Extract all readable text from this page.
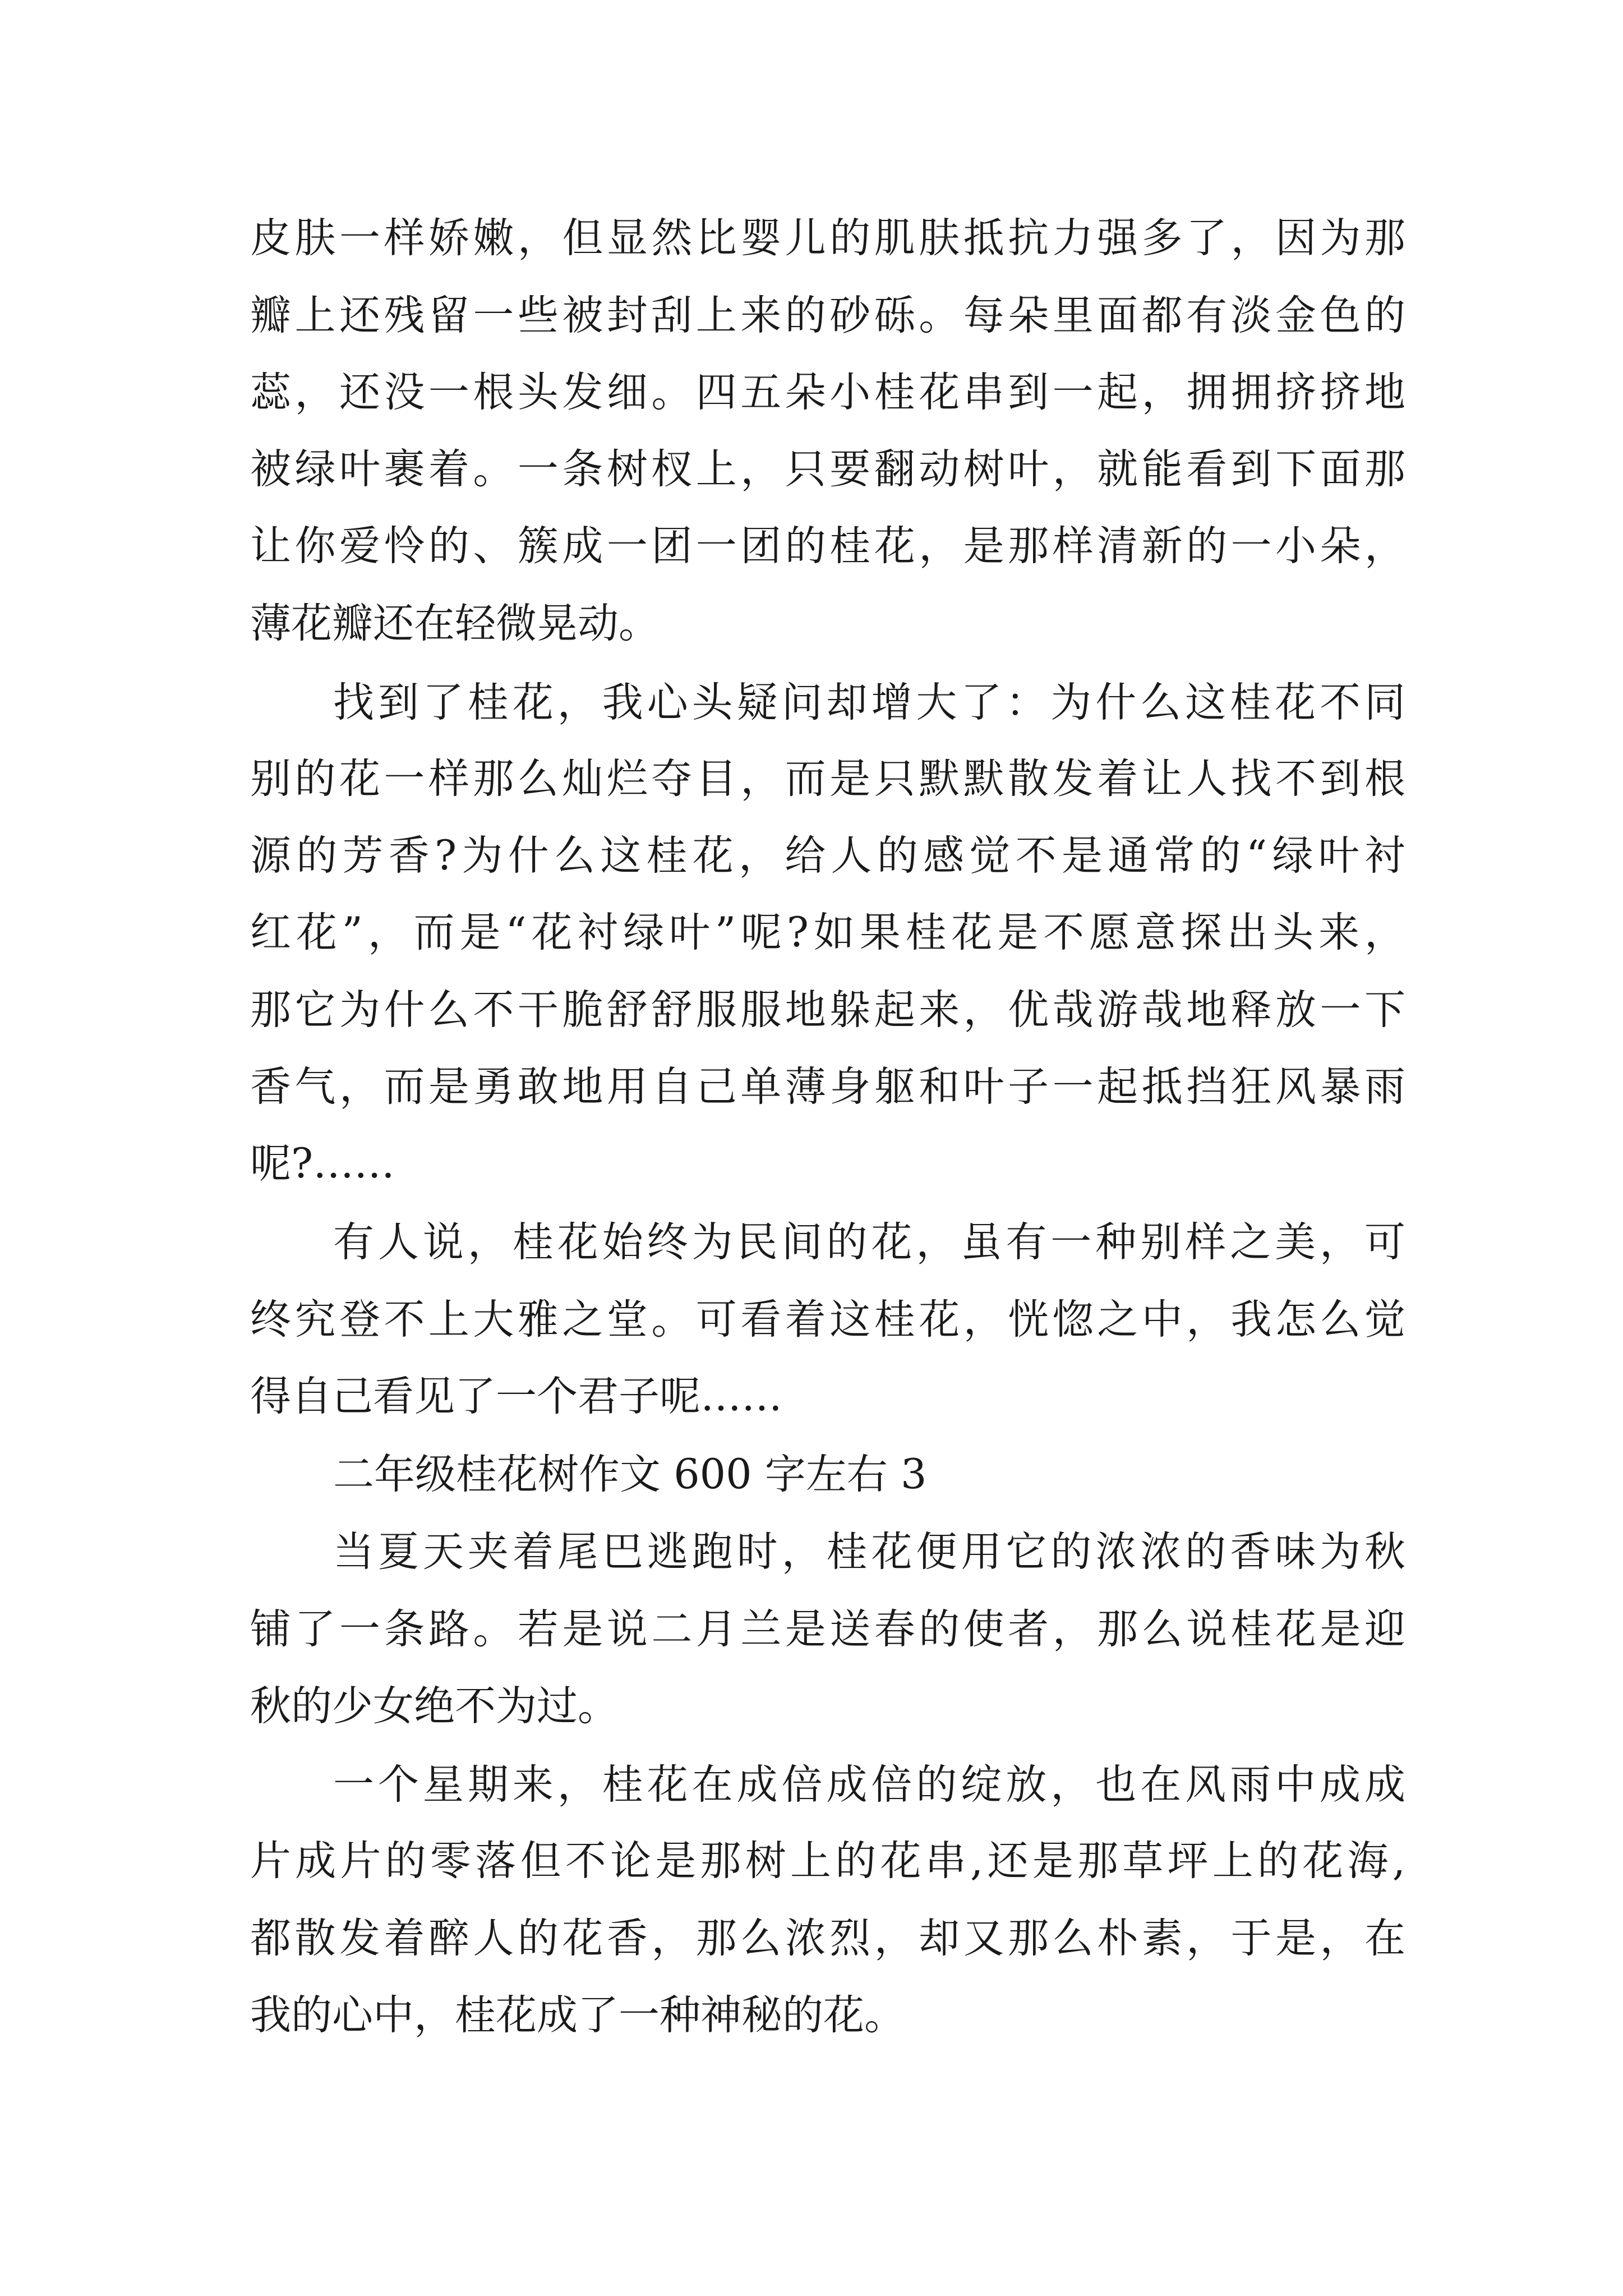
皮肤一样娇嫩，但显然比婴儿的肌肤抵抗力强多了，因为那
瓣上还残留一些被封刮上来的砂砾。每朵里面都有淡金色的
蕊，还没一根头发细。四五朵小桂花串到一起，拥拥挤挤地
被绿叶裹着。一条树杈上，只要翻动树叶，就能看到下面那
让你爱怜的、簇成一团一团的桂花，是那样清新的一小朵，
薄花瓣还在轻微晃动。
找到了桂花，我心头疑问却增大了：为什么这桂花不同
别的花一样那么灿烂夺目，而是只默默散发着让人找不到根
源的芳香?为什么这桂花，给人的感觉不是通常的“绿叶衬
红花”，而是“花衬绿叶”呢?如果桂花是不愿意探出头来，
那它为什么不干脆舒舒服服地躲起来，优哉游哉地释放一下
香气，而是勇敢地用自己单薄身躯和叶子一起抵挡狂风暴雨
呢?……
有人说，桂花始终为民间的花，虽有一种别样之美，可
终究登不上大雅之堂。可看着这桂花，恍惚之中，我怎么觉
得自己看见了一个君子呢……
二年级桂花树作文 600 字左右 3
当夏天夹着尾巴逃跑时，桂花便用它的浓浓的香味为秋
铺了一条路。若是说二月兰是送春的使者，那么说桂花是迎
秋的少女绝不为过。
一个星期来，桂花在成倍成倍的绽放，也在风雨中成成
片成片的零落但不论是那树上的花串,还是那草坪上的花海,
都散发着醉人的花香，那么浓烈，却又那么朴素，于是，在
我的心中，桂花成了一种神秘的花。
